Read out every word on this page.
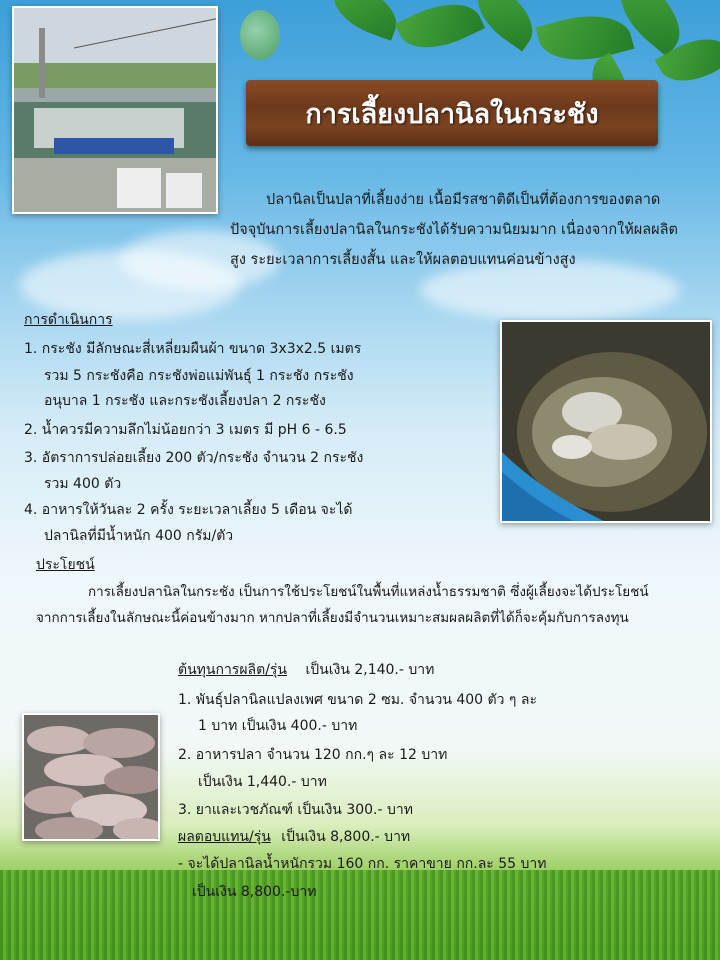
การเลี้ยงปลานิลในกระชัง
ปลานิลเป็นปลาที่เลี้ยงง่าย เนื้อมีรสชาติดีเป็นที่ต้องการของตลาด
ปัจจุบันการเลี้ยงปลานิลในกระชังได้รับความนิยมมาก เนื่องจากให้ผลผลิต
สูง ระยะเวลาการเลี้ยงสั้น และให้ผลตอบแทนค่อนข้างสูง
การดำเนินการ
1. กระชัง มีลักษณะสี่เหลี่ยมผืนผ้า ขนาด 3x3x2.5 เมตร
รวม 5 กระชังคือ กระชังพ่อแม่พันธุ์ 1 กระชัง กระชัง
อนุบาล 1 กระชัง และกระชังเลี้ยงปลา 2 กระชัง
2. น้ำควรมีความลึกไม่น้อยกว่า 3 เมตร มี pH 6 - 6.5
3. อัตราการปล่อยเลี้ยง 200 ตัว/กระชัง จำนวน 2 กระชัง
รวม 400 ตัว
4. อาหารให้วันละ 2 ครั้ง ระยะเวลาเลี้ยง 5 เดือน จะได้
ปลานิลที่มีน้ำหนัก 400 กรัม/ตัว
ประโยชน์
การเลี้ยงปลานิลในกระชัง เป็นการใช้ประโยชน์ในพื้นที่แหล่งน้ำธรรมชาติ ซึ่งผู้เลี้ยงจะได้ประโยชน์
จากการเลี้ยงในลักษณะนี้ค่อนข้างมาก หากปลาที่เลี้ยงมีจำนวนเหมาะสมผลผลิตที่ได้ก็จะคุ้มกับการลงทุน
ต้นทุนการผลิต/รุ่น เป็นเงิน 2,140.- บาท
1. พันธุ์ปลานิลแปลงเพศ ขนาด 2 ซม. จำนวน 400 ตัว ๆ ละ
1 บาท เป็นเงิน 400.- บาท
2. อาหารปลา จำนวน 120 กก.ๆ ละ 12 บาท
เป็นเงิน 1,440.- บาท
3. ยาและเวชภัณฑ์ เป็นเงิน 300.- บาท
ผลตอบแทน/รุ่น เป็นเงิน 8,800.- บาท
- จะได้ปลานิลน้ำหนักรวม 160 กก. ราคาขาย กก.ละ 55 บาท
เป็นเงิน 8,800.-บาท
